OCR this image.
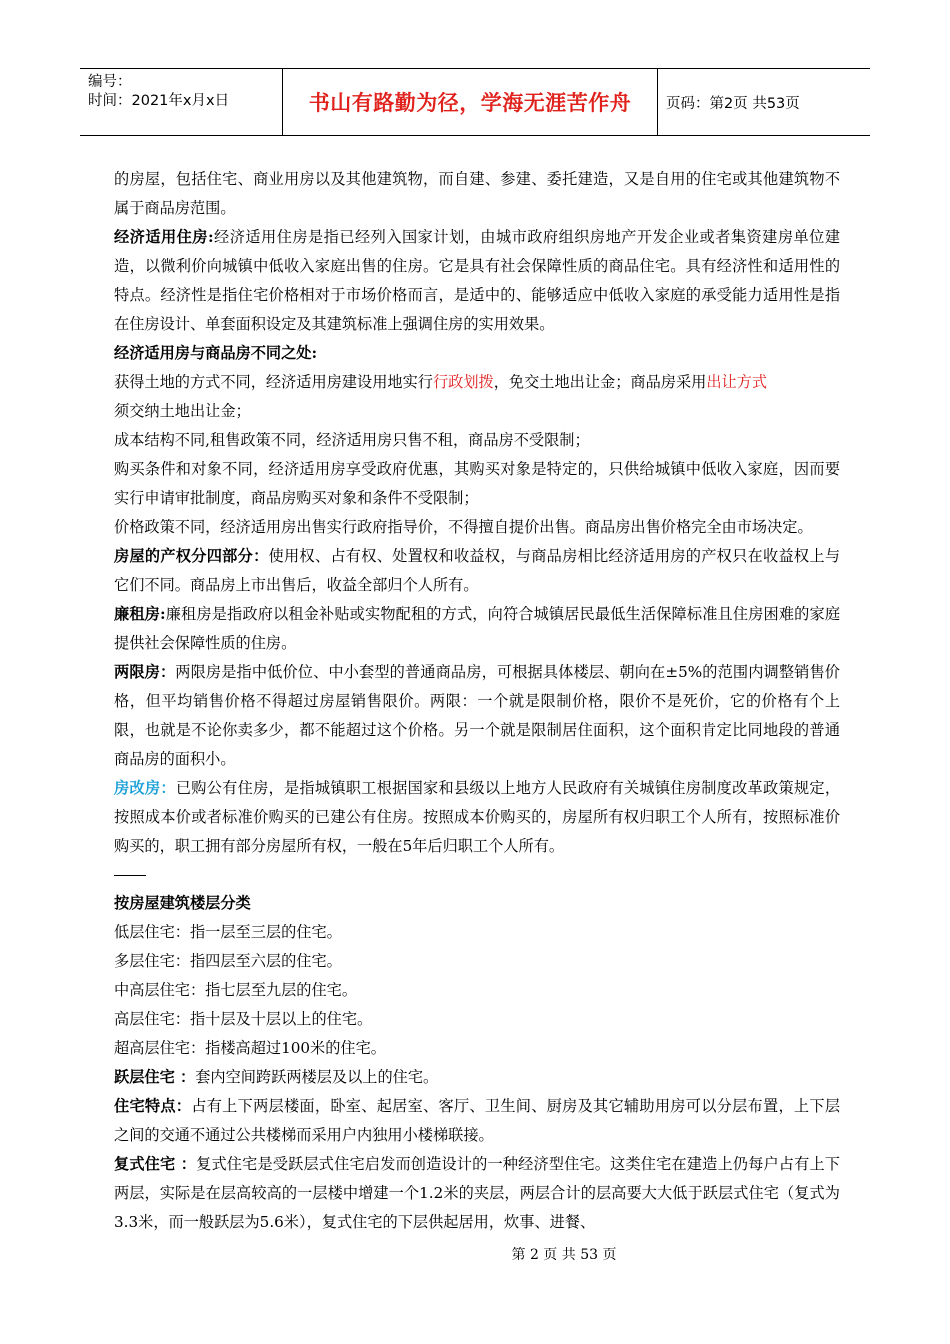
编号：
时间：2021年x月x日	书山有路勤为径，学海无涯苦作舟 页码：第2页 共53页

的房屋，包括住宅、商业用房以及其他建筑物，而自建、参建、委托建造，又是自用的住宅或其他建筑物不属于商品房范围。

经济适用住房:经济适用住房是指已经列入国家计划，由城市政府组织房地产开发企业或者集资建房单位建造，以微利价向城镇中低收入家庭出售的住房。它是具有社会保障性质的商品住宅。具有经济性和适用性的特点。经济性是指住宅价格相对于市场价格而言，是适中的、能够适应中低收入家庭的承受能力适用性是指在住房设计、单套面积设定及其建筑标准上强调住房的实用效果。

经济适用房与商品房不同之处:

获得土地的方式不同，经济适用房建设用地实行行政划拨，免交土地出让金；商品房采用出让方式
须交纳土地出让金；

成本结构不同,租售政策不同，经济适用房只售不租，商品房不受限制；

购买条件和对象不同，经济适用房享受政府优惠，其购买对象是特定的，只供给城镇中低收入家庭，因而要实行申请审批制度，商品房购买对象和条件不受限制；

价格政策不同，经济适用房出售实行政府指导价，不得擅自提价出售。商品房出售价格完全由市场决定。

房屋的产权分四部分：使用权、占有权、处置权和收益权，与商品房相比经济适用房的产权只在收益权上与它们不同。商品房上市出售后，收益全部归个人所有。

廉租房:廉租房是指政府以租金补贴或实物配租的方式，向符合城镇居民最低生活保障标准且住房困难的家庭提供社会保障性质的住房。

两限房：两限房是指中低价位、中小套型的普通商品房，可根据具体楼层、朝向在±5%的范围内调整销售价格，但平均销售价格不得超过房屋销售限价。两限：一个就是限制价格，限价不是死价，它的价格有个上限，也就是不论你卖多少，都不能超过这个价格。另一个就是限制居住面积，这个面积肯定比同地段的普通商品房的面积小。

房改房：已购公有住房，是指城镇职工根据国家和县级以上地方人民政府有关城镇住房制度改革政策规定，按照成本价或者标准价购买的已建公有住房。按照成本价购买的，房屋所有权归职工个人所有，按照标准价购买的，职工拥有部分房屋所有权，一般在5年后归职工个人所有。

按房屋建筑楼层分类

低层住宅：指一层至三层的住宅。

多层住宅：指四层至六层的住宅。

中高层住宅：指七层至九层的住宅。

高层住宅：指十层及十层以上的住宅。

超高层住宅：指楼高超过100米的住宅。

跃层住宅 ：套内空间跨跃两楼层及以上的住宅。

住宅特点：占有上下两层楼面，卧室、起居室、客厅、卫生间、厨房及其它辅助用房可以分层布置，上下层之间的交通不通过公共楼梯而采用户内独用小楼梯联接。

复式住宅 ：复式住宅是受跃层式住宅启发而创造设计的一种经济型住宅。这类住宅在建造上仍每户占有上下两层，实际是在层高较高的一层楼中增建一个1.2米的夹层，两层合计的层高要大大低于跃层式住宅（复式为3.3米，而一般跃层为5.6米），复式住宅的下层供起居用，炊事、进餐、

第 2 页 共 53 页
